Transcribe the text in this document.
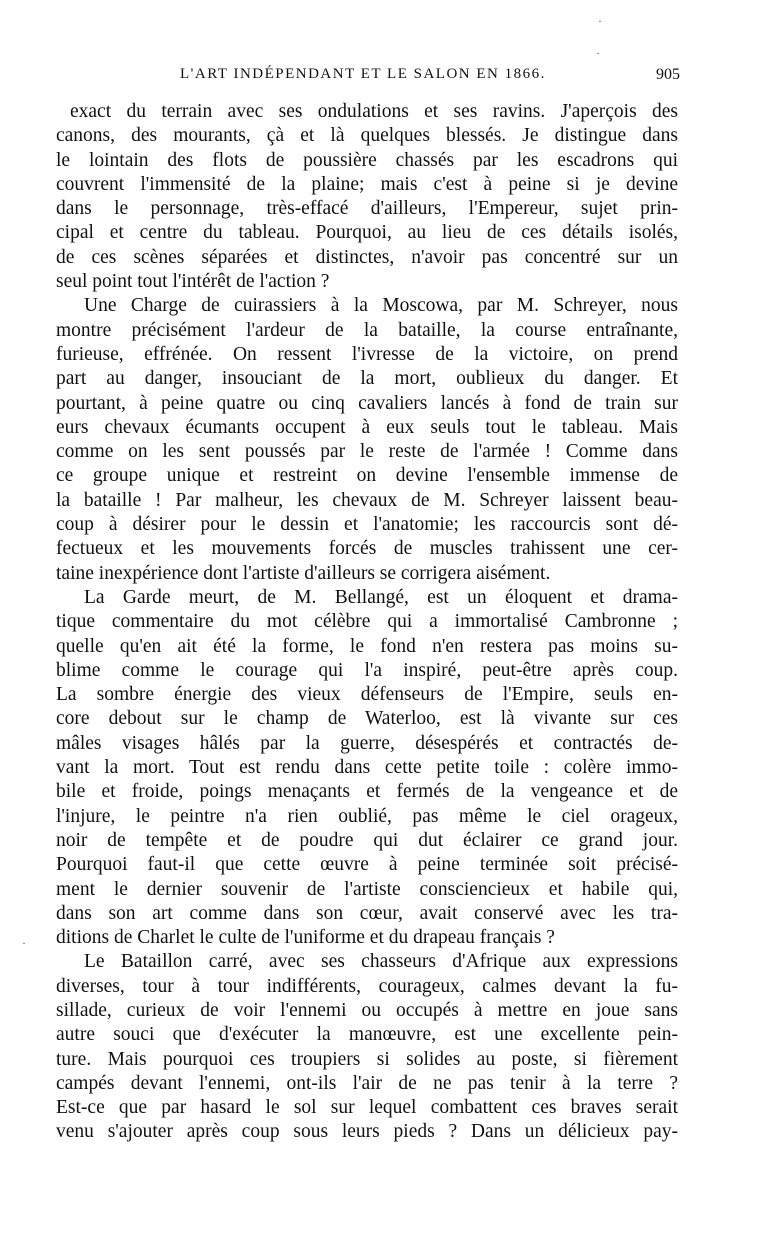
L'ART INDÉPENDANT ET LE SALON EN 1866.	905
exact du terrain avec ses ondulations et ses ravins. J'aperçois des
canons, des mourants, çà et là quelques blessés. Je distingue dans
le lointain des flots de poussière chassés par les escadrons qui
couvrent l'immensité de la plaine; mais c'est à peine si je devine
dans le personnage, très-effacé d'ailleurs, l'Empereur, sujet prin-
cipal et centre du tableau. Pourquoi, au lieu de ces détails isolés,
de ces scènes séparées et distinctes, n'avoir pas concentré sur un
seul point tout l'intérêt de l'action ?
Une Charge de cuirassiers à la Moscowa, par M. Schreyer, nous
montre précisément l'ardeur de la bataille, la course entraînante,
furieuse, effrénée. On ressent l'ivresse de la victoire, on prend
part au danger, insouciant de la mort, oublieux du danger. Et
pourtant, à peine quatre ou cinq cavaliers lancés à fond de train sur
eurs chevaux écumants occupent à eux seuls tout le tableau. Mais
comme on les sent poussés par le reste de l'armée ! Comme dans
ce groupe unique et restreint on devine l'ensemble immense de
la bataille ! Par malheur, les chevaux de M. Schreyer laissent beau-
coup à désirer pour le dessin et l'anatomie; les raccourcis sont dé-
fectueux et les mouvements forcés de muscles trahissent une cer-
taine inexpérience dont l'artiste d'ailleurs se corrigera aisément.
La Garde meurt, de M. Bellangé, est un éloquent et drama-
tique commentaire du mot célèbre qui a immortalisé Cambronne ;
quelle qu'en ait été la forme, le fond n'en restera pas moins su-
blime comme le courage qui l'a inspiré, peut-être après coup.
La sombre énergie des vieux défenseurs de l'Empire, seuls en-
core debout sur le champ de Waterloo, est là vivante sur ces
mâles visages hâlés par la guerre, désespérés et contractés de-
vant la mort. Tout est rendu dans cette petite toile : colère immo-
bile et froide, poings menaçants et fermés de la vengeance et de
l'injure, le peintre n'a rien oublié, pas même le ciel orageux,
noir de tempête et de poudre qui dut éclairer ce grand jour.
Pourquoi faut-il que cette œuvre à peine terminée soit précisé-
ment le dernier souvenir de l'artiste consciencieux et habile qui,
dans son art comme dans son cœur, avait conservé avec les tra-
ditions de Charlet le culte de l'uniforme et du drapeau français ?
Le Bataillon carré, avec ses chasseurs d'Afrique aux expressions
diverses, tour à tour indifférents, courageux, calmes devant la fu-
sillade, curieux de voir l'ennemi ou occupés à mettre en joue sans
autre souci que d'exécuter la manœuvre, est une excellente pein-
ture. Mais pourquoi ces troupiers si solides au poste, si fièrement
campés devant l'ennemi, ont-ils l'air de ne pas tenir à la terre ?
Est-ce que par hasard le sol sur lequel combattent ces braves serait
venu s'ajouter après coup sous leurs pieds ? Dans un délicieux pay-
·
·
·
